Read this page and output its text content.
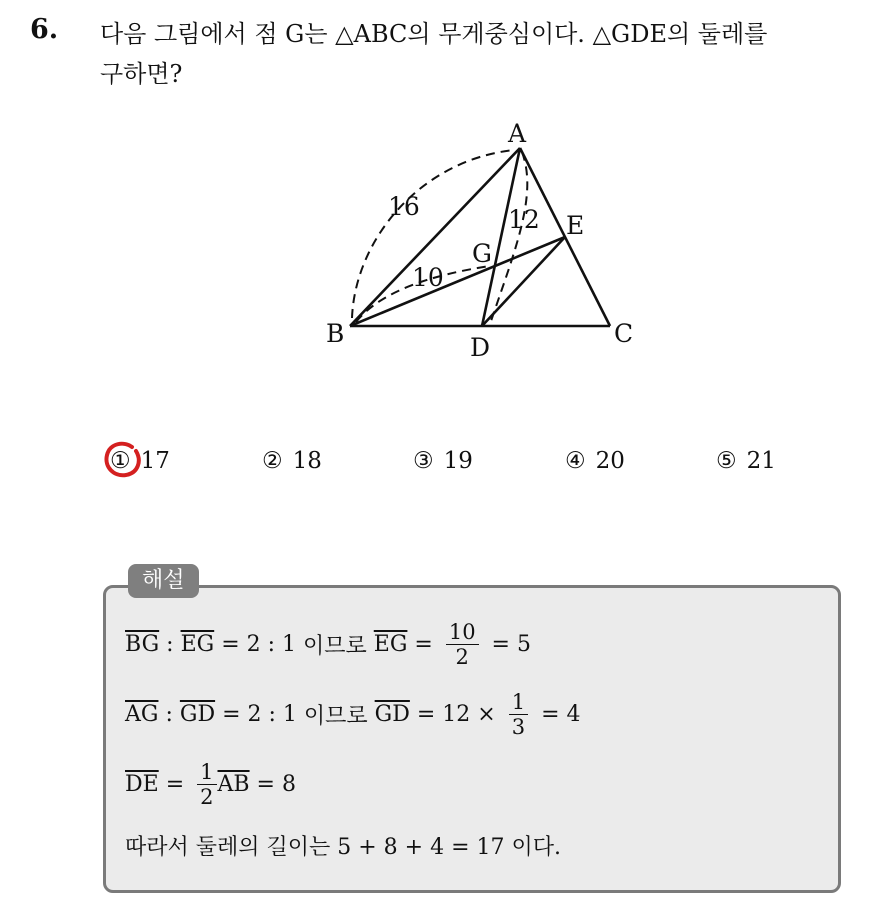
6. 다음 그림에서 점 G는 △ABC의 무게중심이다. △GDE의 둘레를
구하면?
A
B	C
D
E
G
16	12
10
① 17	② 18	③ 19	④ 20	⑤ 21
해설
$\overline{BG}$ : $\overline{EG} = 2$ : 1 이므로 $\overline{EG} = \frac{10}{2} = 5$
$\overline{AG}$ : $\overline{GD} = 2$ : 1 이므로 $\overline{GD} = 12 \times \frac{1}{3} = 4$
$\overline{DE} = \frac{1}{2} \overline{AB} = 8$
따라서 둘레의 길이는 5 + 8 + 4 = 17 이다.
